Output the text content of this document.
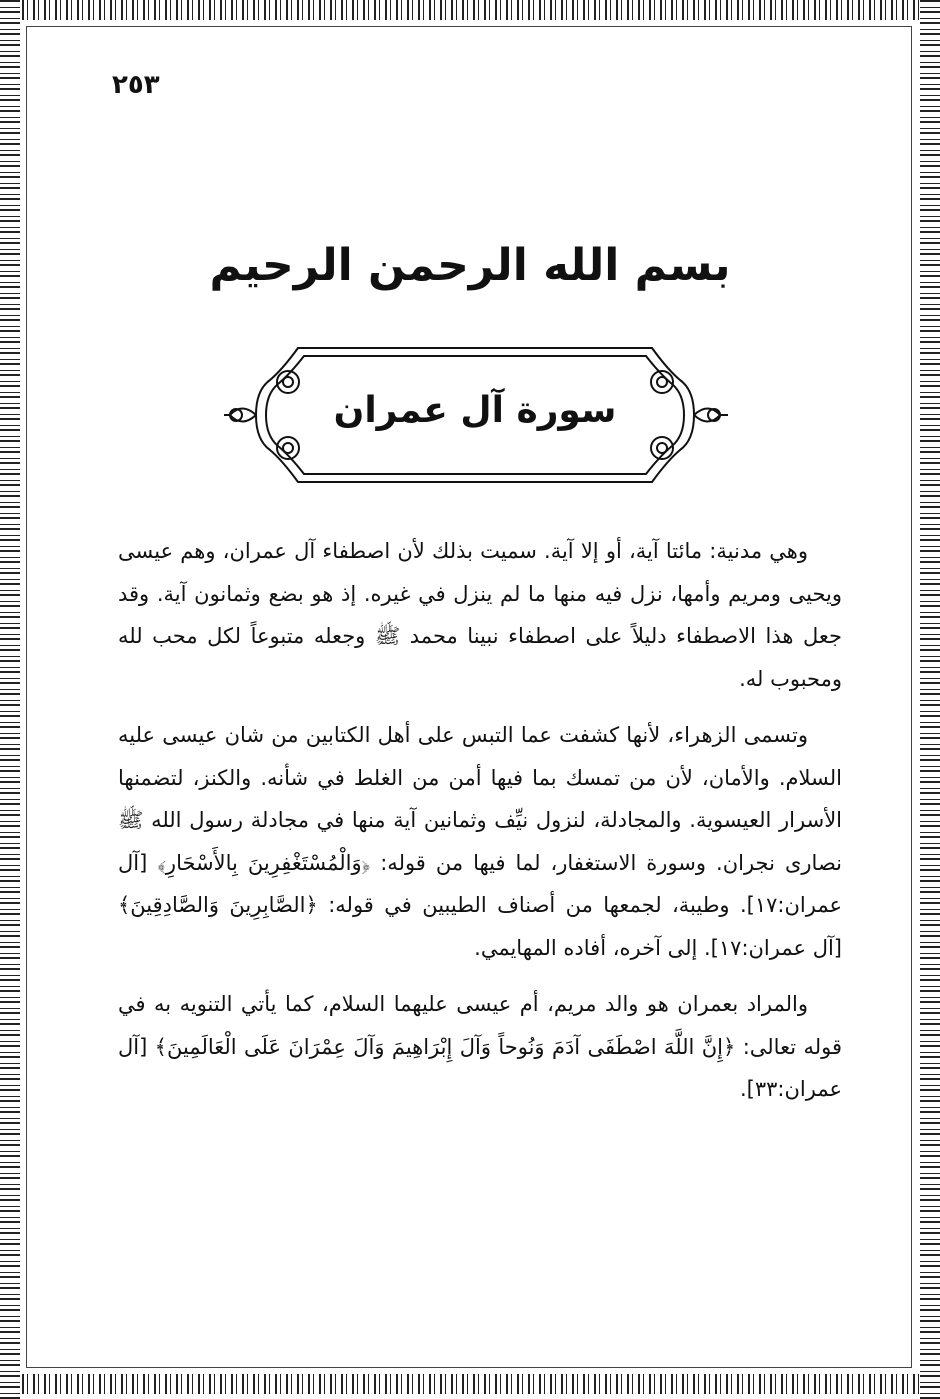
٢٥٣
بسم الله الرحمن الرحيم
سورة آل عمران

وهي مدنية: مائتا آية، أو إلا آية. سميت بذلك لأن اصطفاء آل عمران، وهم عيسى ويحيى ومريم وأمها، نزل فيه منها ما لم ينزل في غيره. إذ هو بضع وثمانون آية. وقد جعل هذا الاصطفاء دليلاً على اصطفاء نبينا محمد ﷺ وجعله متبوعاً لكل محب لله ومحبوب له.

وتسمى الزهراء، لأنها كشفت عما التبس على أهل الكتابين من شان عيسى عليه السلام. والأمان، لأن من تمسك بما فيها أمن من الغلط في شأنه. والكنز، لتضمنها الأسرار العيسوية. والمجادلة، لنزول نيِّف وثمانين آية منها في مجادلة رسول الله ﷺ نصارى نجران. وسورة الاستغفار، لما فيها من قوله: ﴿وَالْمُسْتَغْفِرِينَ بِالأَسْحَارِ﴾ [آل عمران:١٧]. وطيبة، لجمعها من أصناف الطيبين في قوله: ﴿الصَّابِرِينَ وَالصَّادِقِينَ﴾ [آل عمران:١٧]. إلى آخره، أفاده المهايمي.

والمراد بعمران هو والد مريم، أم عيسى عليهما السلام، كما يأتي التنويه به في قوله تعالى: ﴿إِنَّ اللَّهَ اصْطَفَى آدَمَ وَنُوحاً وَآلَ إِبْرَاهِيمَ وَآلَ عِمْرَانَ عَلَى الْعَالَمِينَ﴾ [آل عمران:٣٣].
